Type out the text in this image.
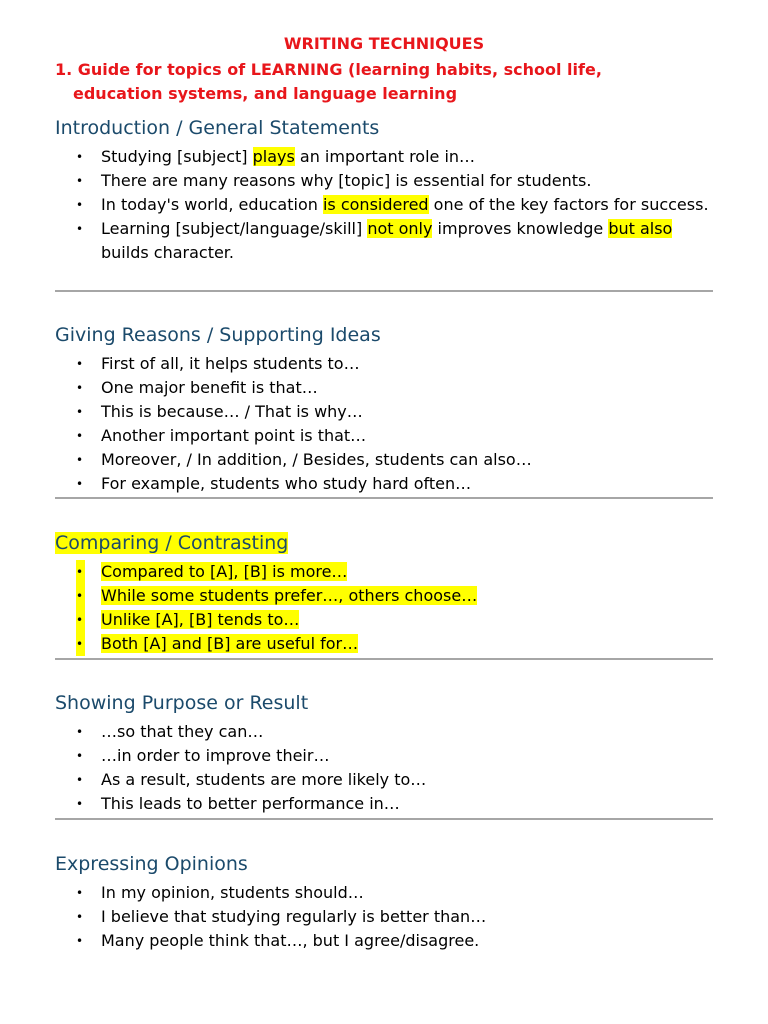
WRITING TECHNIQUES
1. Guide for topics of LEARNING (learning habits, school life,
education systems, and language learning
Introduction / General Statements
• Studying [subject] plays an important role in…
• There are many reasons why [topic] is essential for students.
• In today's world, education is considered one of the key factors for success.
• Learning [subject/language/skill] not only improves knowledge but also builds character.
Giving Reasons / Supporting Ideas
• First of all, it helps students to…
• One major benefit is that…
• This is because… / That is why…
• Another important point is that…
• Moreover, / In addition, / Besides, students can also…
• For example, students who study hard often…
Comparing / Contrasting
• Compared to [A], [B] is more…
• While some students prefer…, others choose…
• Unlike [A], [B] tends to…
• Both [A] and [B] are useful for…
Showing Purpose or Result
• …so that they can…
• …in order to improve their…
• As a result, students are more likely to…
• This leads to better performance in…
Expressing Opinions
• In my opinion, students should…
• I believe that studying regularly is better than…
• Many people think that…, but I agree/disagree.
